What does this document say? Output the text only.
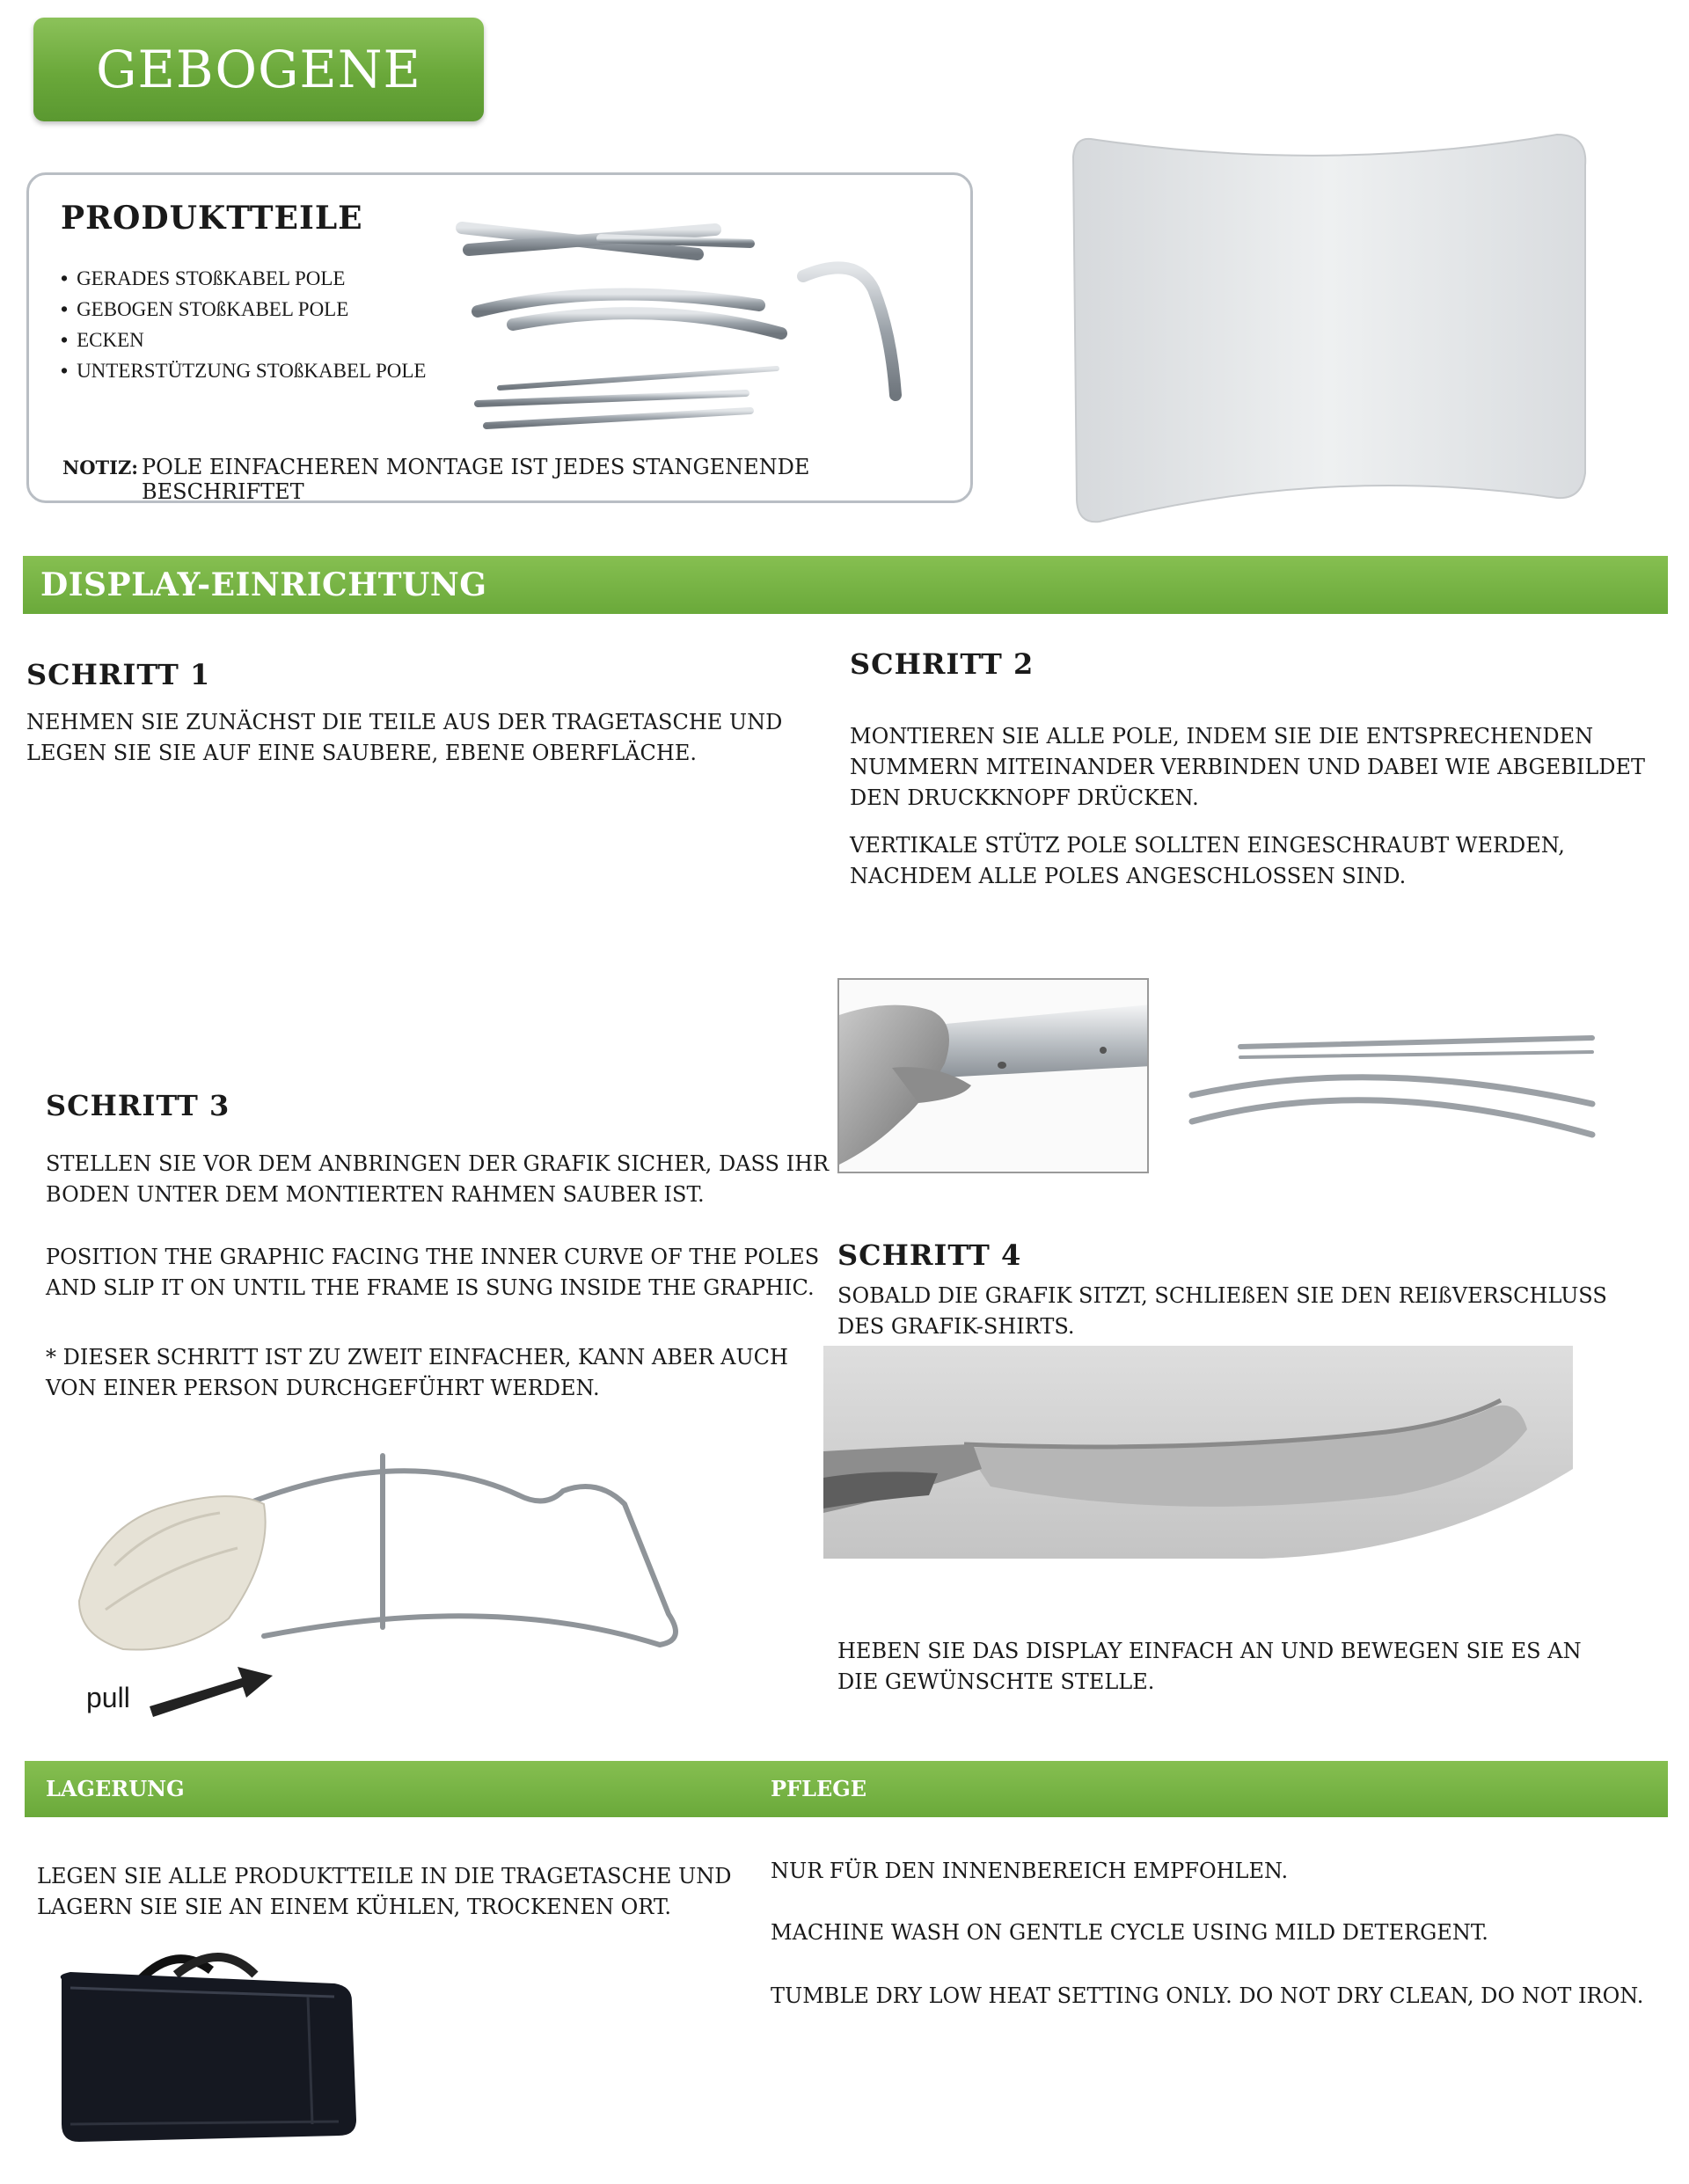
GEBOGENE WAND
PRODUKTTEILE
• GERADES STOßKABEL POLE
• GEBOGEN STOßKABEL POLE
• ECKEN
• UNTERSTÜTZUNG STOßKABEL POLE
NOTIZ: POLE EINFACHEREN MONTAGE IST JEDES STANGENENDE BESCHRIFTET
DISPLAY-EINRICHTUNG
SCHRITT 1
NEHMEN SIE ZUNÄCHST DIE TEILE AUS DER TRAGETASCHE UND
LEGEN SIE SIE AUF EINE SAUBERE, EBENE OBERFLÄCHE.
SCHRITT 2
MONTIEREN SIE ALLE POLE, INDEM SIE DIE ENTSPRECHENDEN
NUMMERN MITEINANDER VERBINDEN UND DABEI WIE ABGEBILDET
DEN DRUCKKNOPF DRÜCKEN.
VERTIKALE STÜTZ POLE SOLLTEN EINGESCHRAUBT WERDEN,
NACHDEM ALLE POLES ANGESCHLOSSEN SIND.
SCHRITT 3
STELLEN SIE VOR DEM ANBRINGEN DER GRAFIK SICHER, DASS IHR
BODEN UNTER DEM MONTIERTEN RAHMEN SAUBER IST.
POSITION THE GRAPHIC FACING THE INNER CURVE OF THE POLES
AND SLIP IT ON UNTIL THE FRAME IS SUNG INSIDE THE GRAPHIC.
* DIESER SCHRITT IST ZU ZWEIT EINFACHER, KANN ABER AUCH
VON EINER PERSON DURCHGEFÜHRT WERDEN.
pull
SCHRITT 4
SOBALD DIE GRAFIK SITZT, SCHLIEßEN SIE DEN REIßVERSCHLUSS
DES GRAFIK-SHIRTS.
HEBEN SIE DAS DISPLAY EINFACH AN UND BEWEGEN SIE ES AN
DIE GEWÜNSCHTE STELLE.
LAGERUNG	PFLEGE
LEGEN SIE ALLE PRODUKTTEILE IN DIE TRAGETASCHE UND
LAGERN SIE SIE AN EINEM KÜHLEN, TROCKENEN ORT.
NUR FÜR DEN INNENBEREICH EMPFOHLEN.
MACHINE WASH ON GENTLE CYCLE USING MILD DETERGENT.
TUMBLE DRY LOW HEAT SETTING ONLY. DO NOT DRY CLEAN, DO NOT IRON.
